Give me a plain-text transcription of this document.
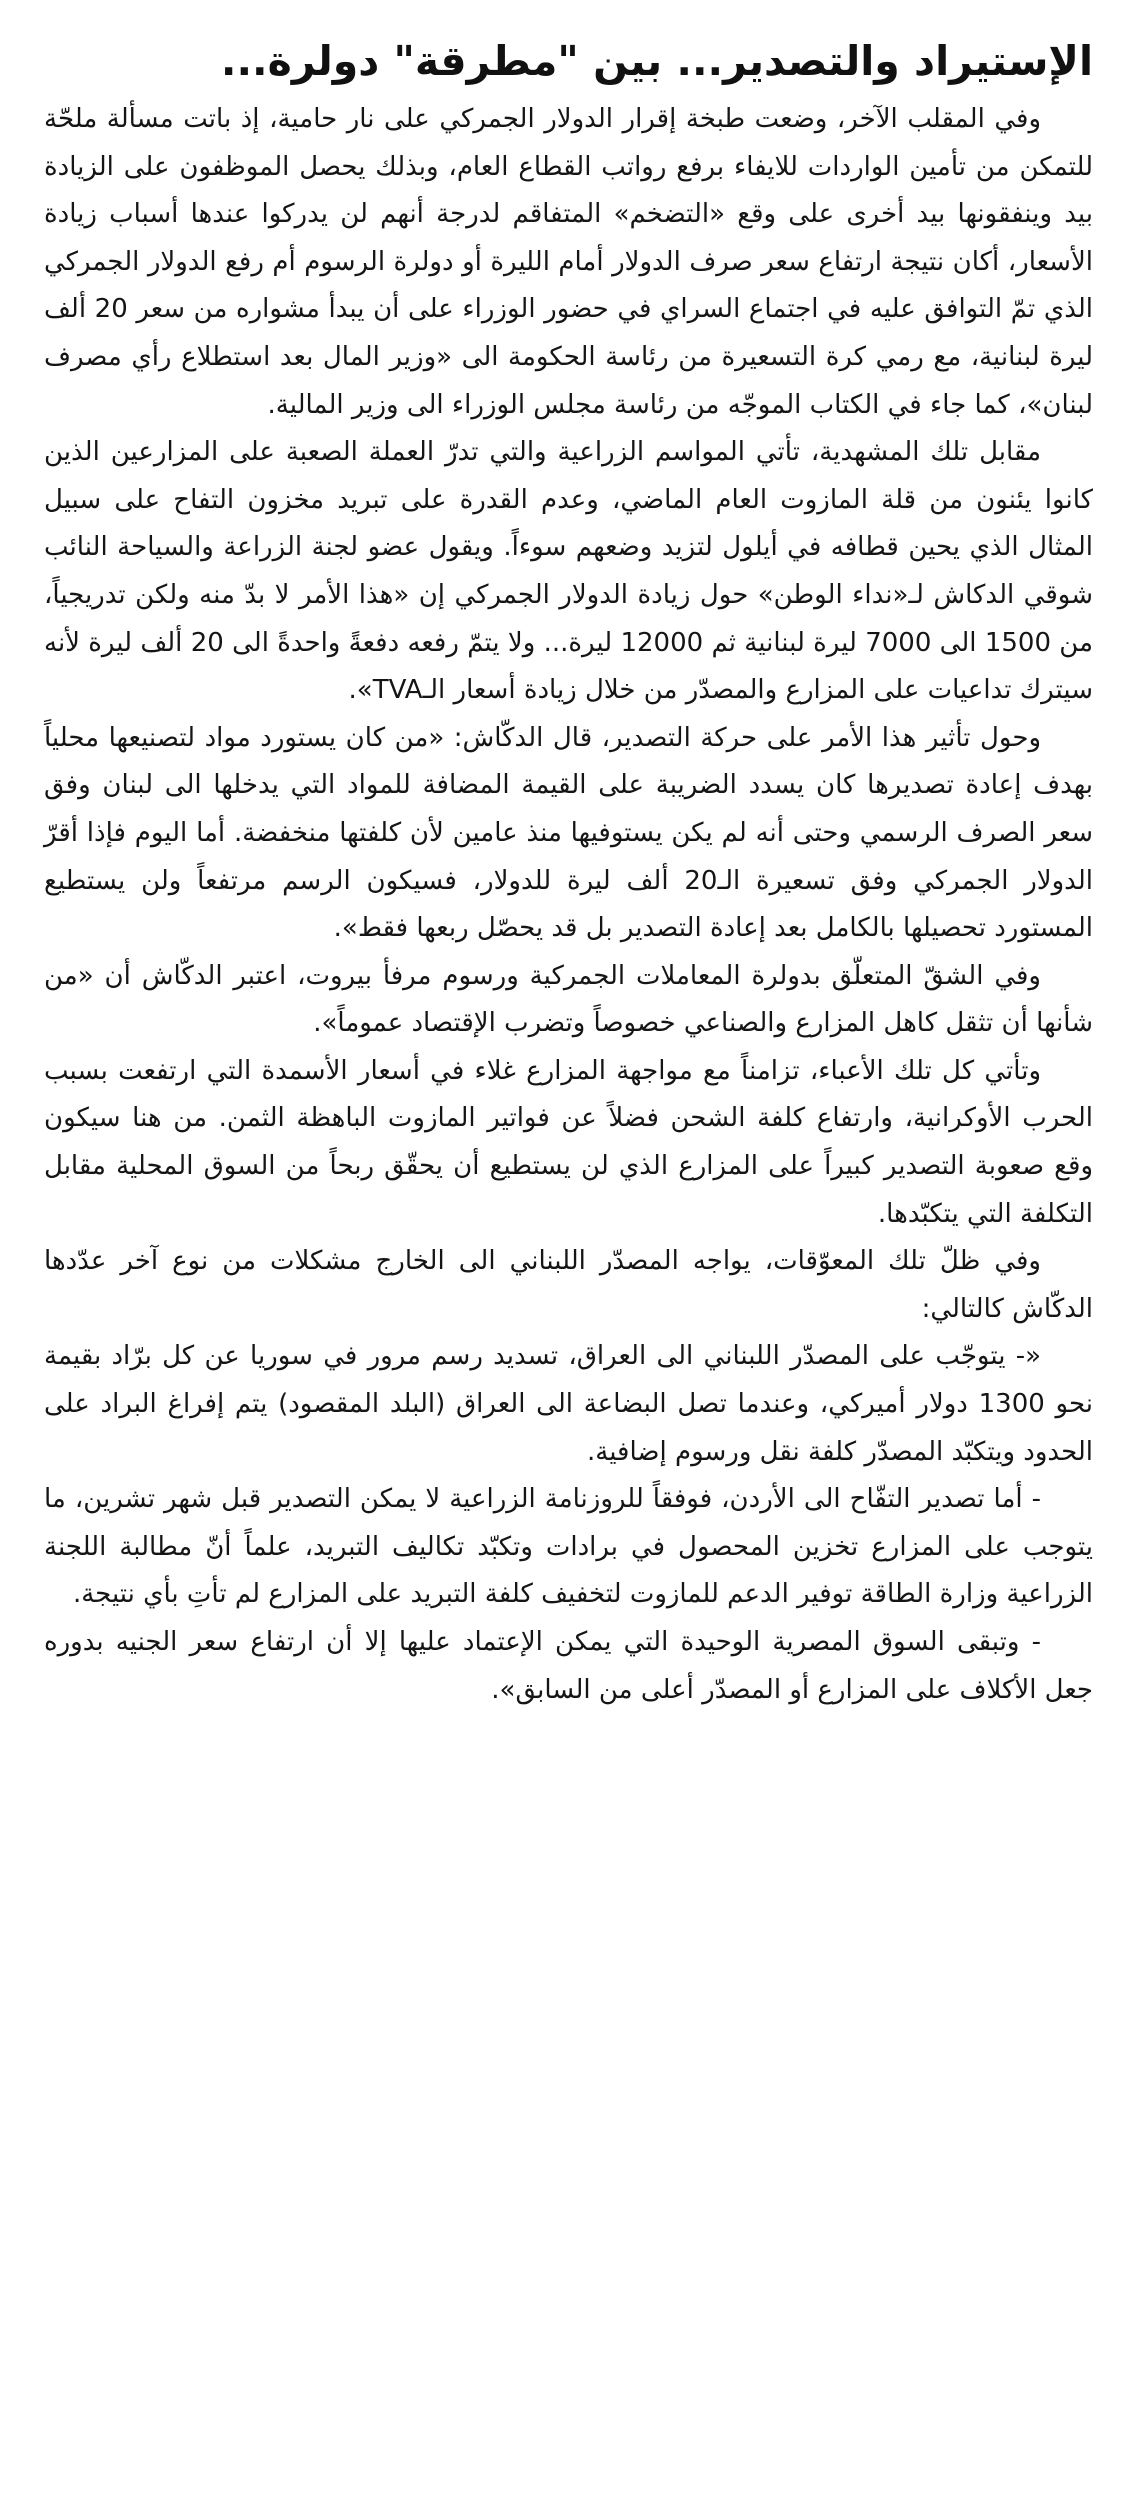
الإستيراد والتصدير... بين "مطرقة" دولرة...

وفي المقلب الآخر، وضعت طبخة إقرار الدولار الجمركي على نار حامية، إذ باتت مسألة ملحّة للتمكن من تأمين الواردات للايفاء برفع رواتب القطاع العام، وبذلك يحصل الموظفون على الزيادة بيد وينفقونها بيد أخرى على وقع «التضخم» المتفاقم لدرجة أنهم لن يدركوا عندها أسباب زيادة الأسعار، أكان نتيجة ارتفاع سعر صرف الدولار أمام الليرة أو دولرة الرسوم أم رفع الدولار الجمركي الذي تمّ التوافق عليه في اجتماع السراي في حضور الوزراء على أن يبدأ مشواره من سعر 20 ألف ليرة لبنانية، مع رمي كرة التسعيرة من رئاسة الحكومة الى «وزير المال بعد استطلاع رأي مصرف لبنان»، كما جاء في الكتاب الموجّه من رئاسة مجلس الوزراء الى وزير المالية.

مقابل تلك المشهدية، تأتي المواسم الزراعية والتي تدرّ العملة الصعبة على المزارعين الذين كانوا يئنون من قلة المازوت العام الماضي، وعدم القدرة على تبريد مخزون التفاح على سبيل المثال الذي يحين قطافه في أيلول لتزيد وضعهم سوءاً. ويقول عضو لجنة الزراعة والسياحة النائب شوقي الدكاش لـ«نداء الوطن» حول زيادة الدولار الجمركي إن «هذا الأمر لا بدّ منه ولكن تدريجياً، من 1500 الى 7000 ليرة لبنانية ثم 12000 ليرة... ولا يتمّ رفعه دفعةً واحدةً الى 20 ألف ليرة لأنه سيترك تداعيات على المزارع والمصدّر من خلال زيادة أسعار الـTVA».

وحول تأثير هذا الأمر على حركة التصدير، قال الدكّاش: «من كان يستورد مواد لتصنيعها محلياً بهدف إعادة تصديرها كان يسدد الضريبة على القيمة المضافة للمواد التي يدخلها الى لبنان وفق سعر الصرف الرسمي وحتى أنه لم يكن يستوفيها منذ عامين لأن كلفتها منخفضة. أما اليوم فإذا أقرّ الدولار الجمركي وفق تسعيرة الـ20 ألف ليرة للدولار، فسيكون الرسم مرتفعاً ولن يستطيع المستورد تحصيلها بالكامل بعد إعادة التصدير بل قد يحصّل ربعها فقط».

وفي الشقّ المتعلّق بدولرة المعاملات الجمركية ورسوم مرفأ بيروت، اعتبر الدكّاش أن «من شأنها أن تثقل كاهل المزارع والصناعي خصوصاً وتضرب الإقتصاد عموماً».

وتأتي كل تلك الأعباء، تزامناً مع مواجهة المزارع غلاء في أسعار الأسمدة التي ارتفعت بسبب الحرب الأوكرانية، وارتفاع كلفة الشحن فضلاً عن فواتير المازوت الباهظة الثمن. من هنا سيكون وقع صعوبة التصدير كبيراً على المزارع الذي لن يستطيع أن يحقّق ربحاً من السوق المحلية مقابل التكلفة التي يتكبّدها.

وفي ظلّ تلك المعوّقات، يواجه المصدّر اللبناني الى الخارج مشكلات من نوع آخر عدّدها الدكّاش كالتالي:

«- يتوجّب على المصدّر اللبناني الى العراق، تسديد رسم مرور في سوريا عن كل برّاد بقيمة نحو 1300 دولار أميركي، وعندما تصل البضاعة الى العراق (البلد المقصود) يتم إفراغ البراد على الحدود ويتكبّد المصدّر كلفة نقل ورسوم إضافية.

- أما تصدير التفّاح الى الأردن، فوفقاً للروزنامة الزراعية لا يمكن التصدير قبل شهر تشرين، ما يتوجب على المزارع تخزين المحصول في برادات وتكبّد تكاليف التبريد، علماً أنّ مطالبة اللجنة الزراعية وزارة الطاقة توفير الدعم للمازوت لتخفيف كلفة التبريد على المزارع لم تأتِ بأي نتيجة.

- وتبقى السوق المصرية الوحيدة التي يمكن الإعتماد عليها إلا أن ارتفاع سعر الجنيه بدوره جعل الأكلاف على المزارع أو المصدّر أعلى من السابق».
